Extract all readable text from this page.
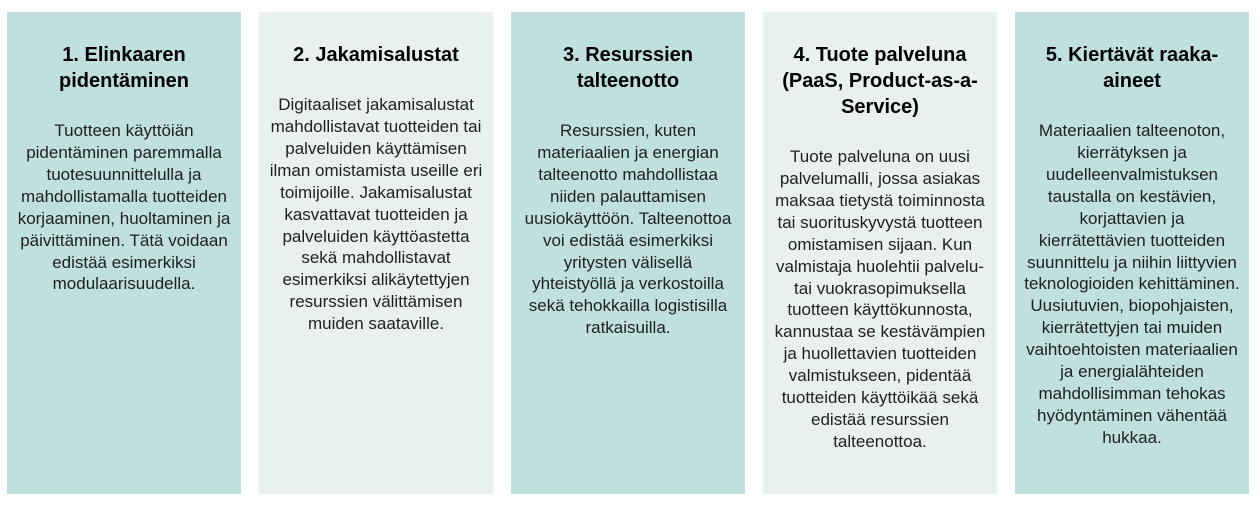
1. Elinkaaren pidentäminen
Tuotteen käyttöiän pidentäminen paremmalla tuotesuunnittelulla ja mahdollistamalla tuotteiden korjaaminen, huoltaminen ja päivittäminen. Tätä voidaan edistää esimerkiksi modulaarisuudella.
2. Jakamisalustat
Digitaaliset jakamisalustat mahdollistavat tuotteiden tai palveluiden käyttämisen ilman omistamista useille eri toimijoille. Jakamisalustat kasvattavat tuotteiden ja palveluiden käyttöastetta sekä mahdollistavat esimerkiksi alikäytettyjen resurssien välittämisen muiden saataville.
3. Resurssien talteenotto
Resurssien, kuten materiaalien ja energian talteenotto mahdollistaa niiden palauttamisen uusiokäyttöön. Talteenottoa voi edistää esimerkiksi yritysten välisellä yhteistyöllä ja verkostoilla sekä tehokkailla logistisilla ratkaisuilla.
4. Tuote palveluna (PaaS, Product-as-a-Service)
Tuote palveluna on uusi palvelumalli, jossa asiakas maksaa tietystä toiminnosta tai suorituskyvystä tuotteen omistamisen sijaan. Kun valmistaja huolehtii palvelu- tai vuokrasopimuksella tuotteen käyttökunnosta, kannustaa se kestävämpien ja huollettavien tuotteiden valmistukseen, pidentää tuotteiden käyttöikää sekä edistää resurssien talteenottoa.
5. Kiertävät raaka-aineet
Materiaalien talteenoton, kierrätyksen ja uudelleenvalmistuksen taustalla on kestävien, korjattavien ja kierrätettävien tuotteiden suunnittelu ja niihin liittyvien teknologioiden kehittäminen. Uusiutuvien, biopohjaisten, kierrätettyjen tai muiden vaihtoehtoisten materiaalien ja energialähteiden mahdollisimman tehokas hyödyntäminen vähentää hukkaa.
